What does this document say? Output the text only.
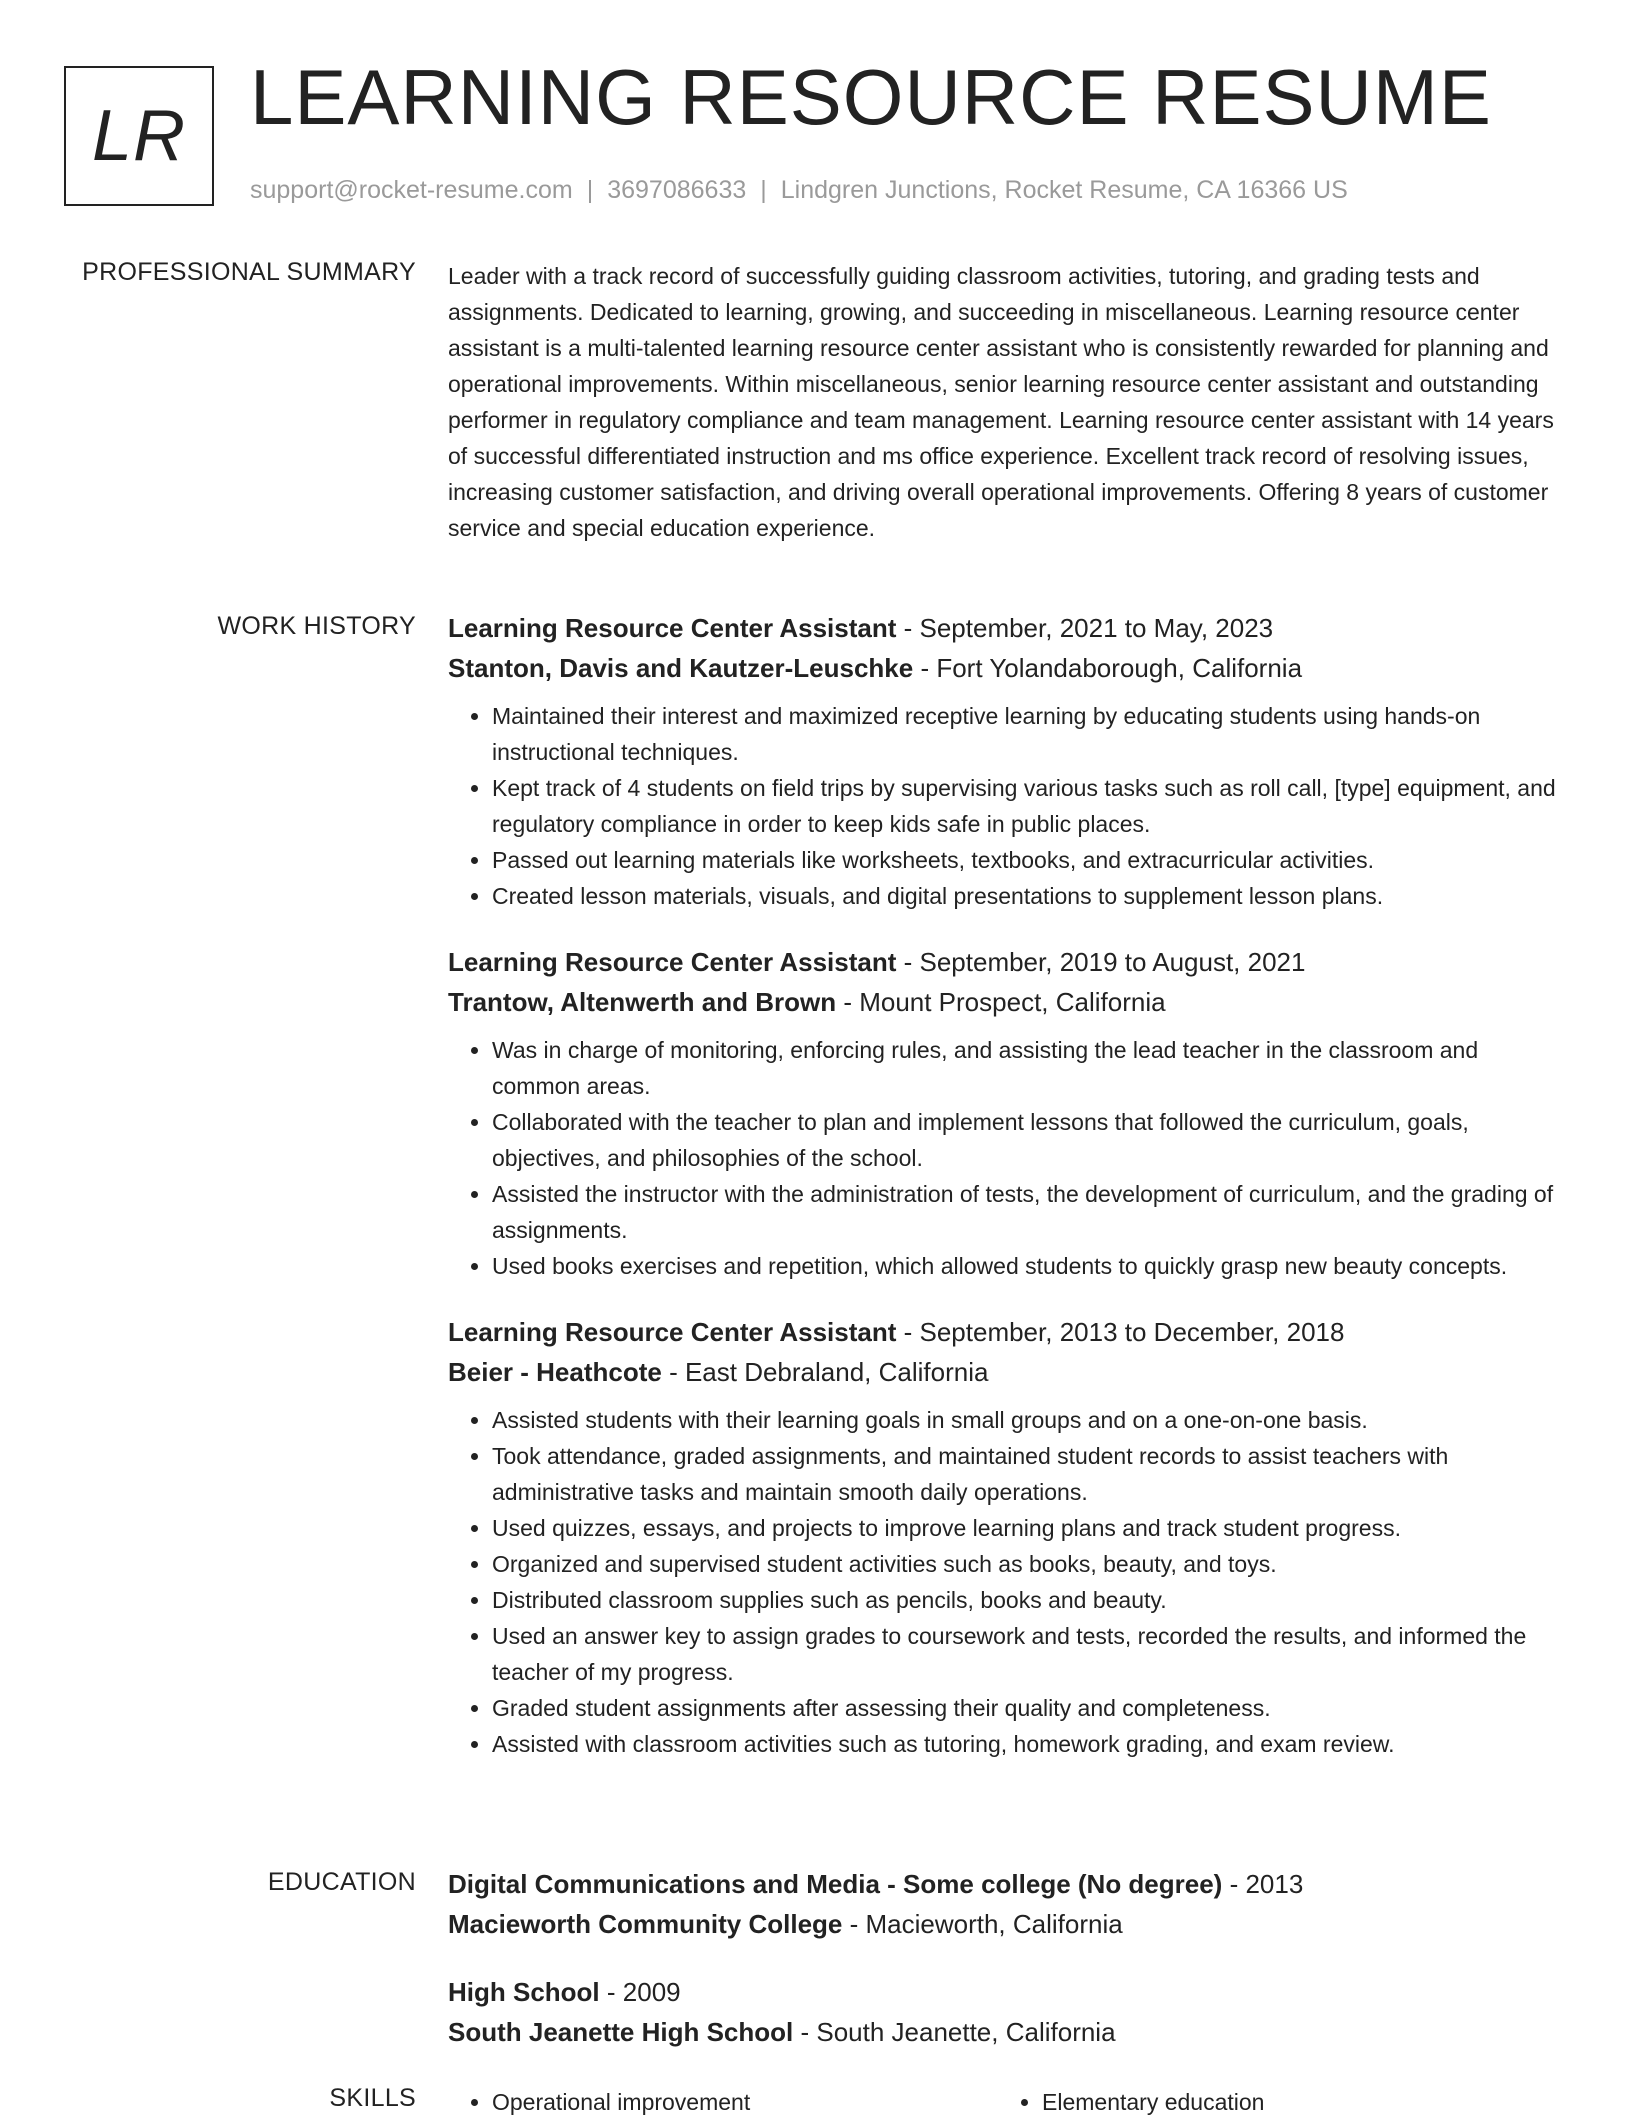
LR LEARNING RESOURCE RESUME
support@rocket-resume.com | 3697086633 | Lindgren Junctions, Rocket Resume, CA 16366 US
PROFESSIONAL SUMMARY Leader with a track record of successfully guiding classroom activities, tutoring, and grading tests and assignments. Dedicated to learning, growing, and succeeding in miscellaneous. Learning resource center assistant is a multi-talented learning resource center assistant who is consistently rewarded for planning and operational improvements. Within miscellaneous, senior learning resource center assistant and outstanding performer in regulatory compliance and team management. Learning resource center assistant with 14 years of successful differentiated instruction and ms office experience. Excellent track record of resolving issues, increasing customer satisfaction, and driving overall operational improvements. Offering 8 years of customer service and special education experience.

WORK HISTORY Learning Resource Center Assistant - September, 2021 to May, 2023

Stanton, Davis and Kautzer-Leuschke - Fort Yolandaborough, California

• Maintained their interest and maximized receptive learning by educating students using hands-on instructional techniques.
• Kept track of 4 students on field trips by supervising various tasks such as roll call, [type] equipment, and regulatory compliance in order to keep kids safe in public places.
• Passed out learning materials like worksheets, textbooks, and extracurricular activities.
• Created lesson materials, visuals, and digital presentations to supplement lesson plans.

Learning Resource Center Assistant - September, 2019 to August, 2021

Trantow, Altenwerth and Brown - Mount Prospect, California

• Was in charge of monitoring, enforcing rules, and assisting the lead teacher in the classroom and common areas.
• Collaborated with the teacher to plan and implement lessons that followed the curriculum, goals, objectives, and philosophies of the school.
• Assisted the instructor with the administration of tests, the development of curriculum, and the grading of assignments.
• Used books exercises and repetition, which allowed students to quickly grasp new beauty concepts.

Learning Resource Center Assistant - September, 2013 to December, 2018

Beier - Heathcote - East Debraland, California

• Assisted students with their learning goals in small groups and on a one-on-one basis.
• Took attendance, graded assignments, and maintained student records to assist teachers with administrative tasks and maintain smooth daily operations.
• Used quizzes, essays, and projects to improve learning plans and track student progress.
• Organized and supervised student activities such as books, beauty, and toys.
• Distributed classroom supplies such as pencils, books and beauty.
• Used an answer key to assign grades to coursework and tests, recorded the results, and informed the teacher of my progress.
• Graded student assignments after assessing their quality and completeness.
• Assisted with classroom activities such as tutoring, homework grading, and exam review.
EDUCATION Digital Communications and Media - Some college (No degree) - 2013

Macieworth Community College - Macieworth, California

High School - 2009

South Jeanette High School - South Jeanette, California

SKILLS	• Operational improvement	• Elementary education
